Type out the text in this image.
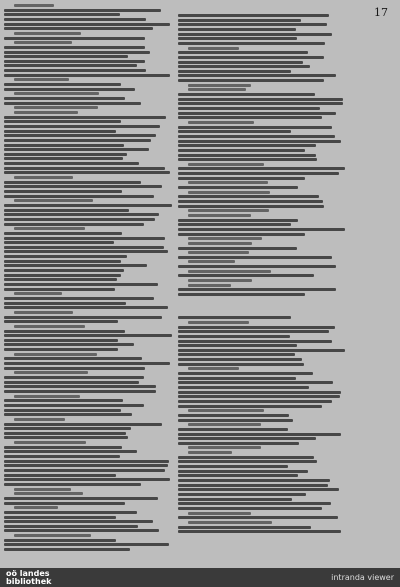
17
oö landes
bibliothek	intranda viewer
